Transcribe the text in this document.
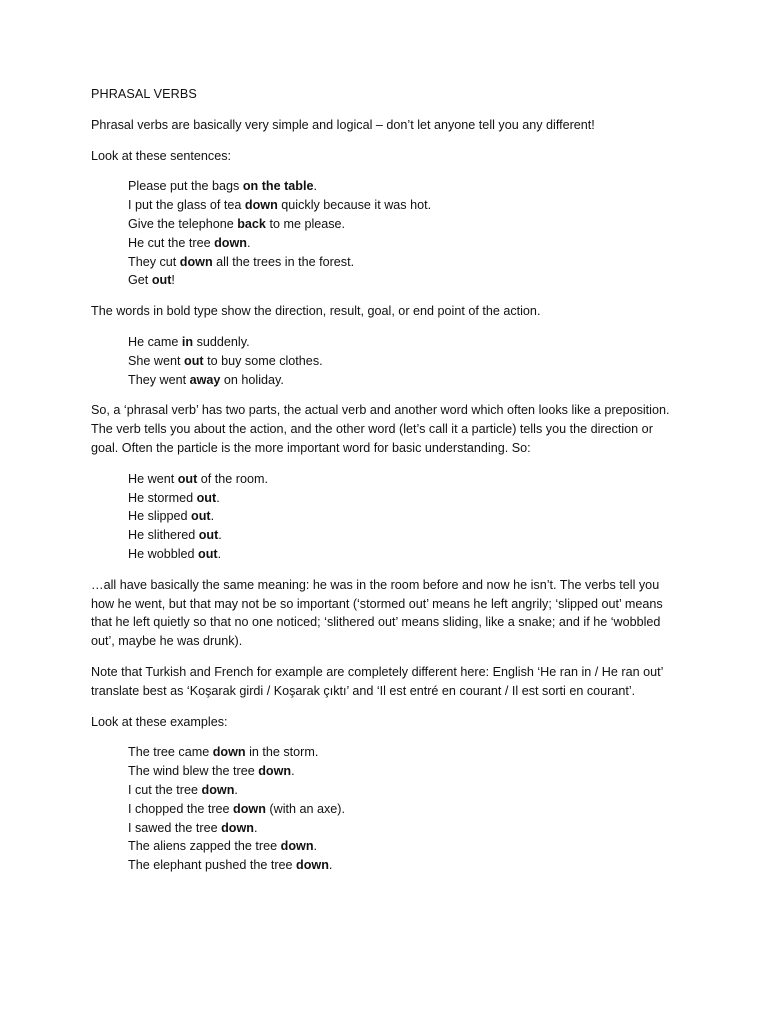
PHRASAL VERBS

Phrasal verbs are basically very simple and logical – don’t let anyone tell you any different!

Look at these sentences:

Please put the bags on the table.
I put the glass of tea down quickly because it was hot.
Give the telephone back to me please.
He cut the tree down.
They cut down all the trees in the forest.
Get out!

The words in bold type show the direction, result, goal, or end point of the action.

He came in suddenly.
She went out to buy some clothes.
They went away on holiday.

So, a ‘phrasal verb’ has two parts, the actual verb and another word which often looks like a preposition. The verb tells you about the action, and the other word (let’s call it a particle) tells you the direction or goal. Often the particle is the more important word for basic understanding. So:

He went out of the room.
He stormed out.
He slipped out.
He slithered out.
He wobbled out.

…all have basically the same meaning: he was in the room before and now he isn’t. The verbs tell you how he went, but that may not be so important (‘stormed out’ means he left angrily; ‘slipped out’ means that he left quietly so that no one noticed; ‘slithered out’ means sliding, like a snake; and if he ‘wobbled out’, maybe he was drunk).

Note that Turkish and French for example are completely different here: English ‘He ran in / He ran out’ translate best as ‘Koşarak girdi / Koşarak çıktı’ and ‘Il est entré en courant / Il est sorti en courant’.

Look at these examples:

The tree came down in the storm.
The wind blew the tree down.
I cut the tree down.
I chopped the tree down (with an axe).
I sawed the tree down.
The aliens zapped the tree down.
The elephant pushed the tree down.
